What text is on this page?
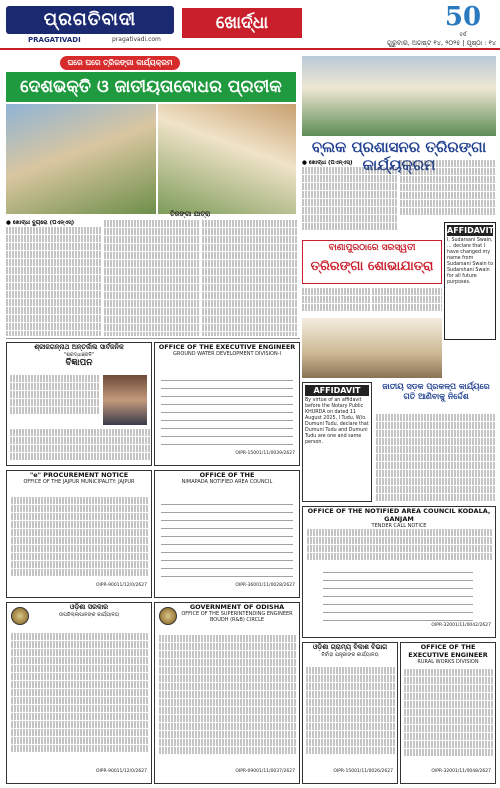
ପ୍ରଗତିବାଦୀ
PRAGATIVADI	pragativadi.com
ଖୋର୍ଦ୍ଧା	50
ବର୍ଷ
ଗୁରୁବାର, ଅଗଷ୍ଟ ୧୪, ୨୦୨୫ | ପୃଷ୍ଠା : ୧୪
ଘରେ ଘରେ ତ୍ରିରଙ୍ଗା କାର୍ଯ୍ୟକ୍ରମ
ଦେଶଭକ୍ତି ଓ ଜାତୀୟତାବୋଧର ପ୍ରତୀକ
ତିରଙ୍ଗା ଯାତ୍ରା
● ଖୋର୍ଦ୍ଧା ବ୍ୟୁରୋ (ପିଏନ୍‌ଏସ୍‌)
ବ୍ଲକ ପ୍ରଶାସନର ତ୍ରିରଙ୍ଗା କାର୍ଯ୍ୟକ୍ରମ
● ଖୋର୍ଦ୍ଧା (ପିଏନ୍‌ଏସ୍‌)
ବାଣାପୁରଠାରେ ସରସ୍ୱତୀ
ତ୍ରିରଙ୍ଗା ଶୋଭାଯାତ୍ରା
AFFIDAVIT
I, Sudarsani Swain, ... declare that I have changed my name from Sudarsani Swain to Sudarshani Swain for all future purposes.
ଶ୍ରୀଜଗନ୍ନାଥ ଅନ୍ତର୍ଜାଲ ସାର୍ବଜନିକ
"ଶ୍ରଦ୍ଧାଞ୍ଜଳି"
ବିଜ୍ଞାପନ
OFFICE OF THE EXECUTIVE ENGINEER
GROUND WATER DEVELOPMENT DIVISION-I
OIPR-15001/11/0039/2627
AFFIDAVIT
By virtue of an affidavit before the Notary Public KHURDA on dated 11 August 2025, I Tudu, W/o. Dumuni Tudu, declare that Dumuni Tudu and Dumuni Tudu are one and same person.
ଜାତୀୟ ସଡ଼କ ପ୍ରକଳ୍ପ କାର୍ଯ୍ୟରେ ଗତି ଆଣିବାକୁ ନିର୍ଦ୍ଦେଶ
"e" PROCUREMENT NOTICE
OFFICE OF THE JAJPUR MUNICIPALITY: JAJPUR
OIPR-90011/12/0/2627
OFFICE OF THE
NIMAPADA NOTIFIED AREA COUNCIL
OIPR-36001/11/0028/2627
OFFICE OF THE NOTIFIED AREA COUNCIL KODALA, GANJAM
TENDER CALL NOTICE
OIPR-32001/11/0042/2627
ଓଡ଼ିଶା ସରକାର
ଉପଜିଲ୍ଲାପାଳଙ୍କ କାର୍ଯ୍ୟାଳୟ
OIPR-90011/12/0/2627
GOVERNMENT OF ODISHA
OFFICE OF THE SUPERINTENDING ENGINEER BOUDH (R&B) CIRCLE
OIPR-09001/11/0037/2627
ଓଡ଼ିଶା ଗ୍ରାମ୍ୟ ବିକାଶ ବିଭାଗ
ନିର୍ବାହୀ ଯନ୍ତ୍ରୀଙ୍କ କାର୍ଯ୍ୟାଳୟ
OIPR-15001/11/0026/2627
OFFICE OF THE EXECUTIVE ENGINEER
RURAL WORKS DIVISION
OIPR-32001/11/0048/2627
